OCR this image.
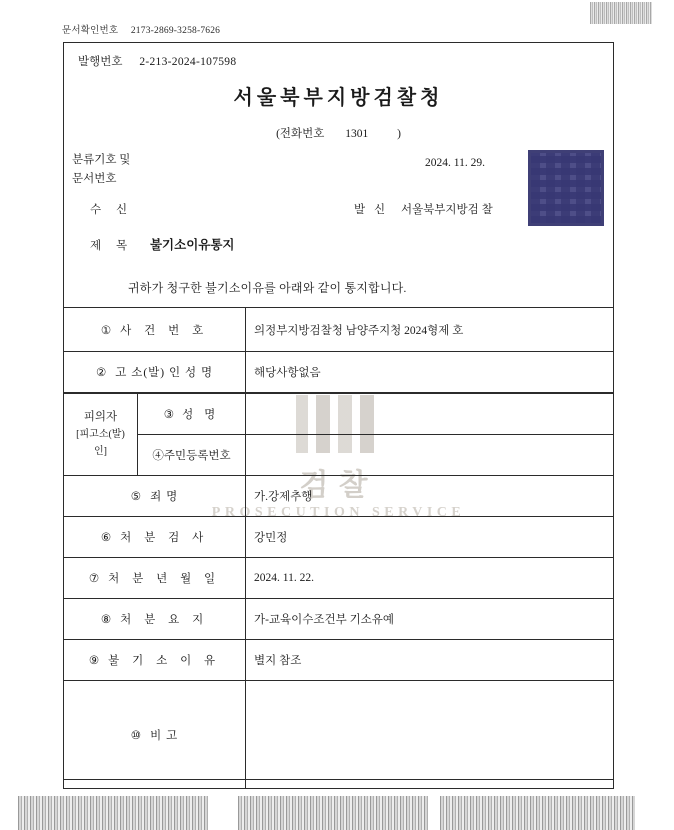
문서확인번호 2173-2869-3258-7626
발행번호 2-213-2024-107598
서울북부지방검찰청
(전화번호 1301	)
분류기호 및
문서번호
2024. 11. 29.
수 신	발 신 서울북부지방검 찰
제 목 불기소이유통지
귀하가 청구한 불기소이유를 아래와 같이 통지합니다.
검찰
PROSECUTION SERVICE
① 사 건 번 호	의정부지방검찰청 남양주지청 2024형제 호
② 고 소(발) 인 성 명	해당사항없음
피의자
[피고소(발)인]	③ 성 명	
	④주민등록번호	
⑤ 죄 명	가.강제추행
⑥ 처 분 검 사	강민정
⑦ 처 분 년 월 일	2024. 11. 22.
⑧ 처 분 요 지	가-교육이수조건부 기소유예
⑨ 불 기 소 이 유	별지 참조
⑩ 비 고	
